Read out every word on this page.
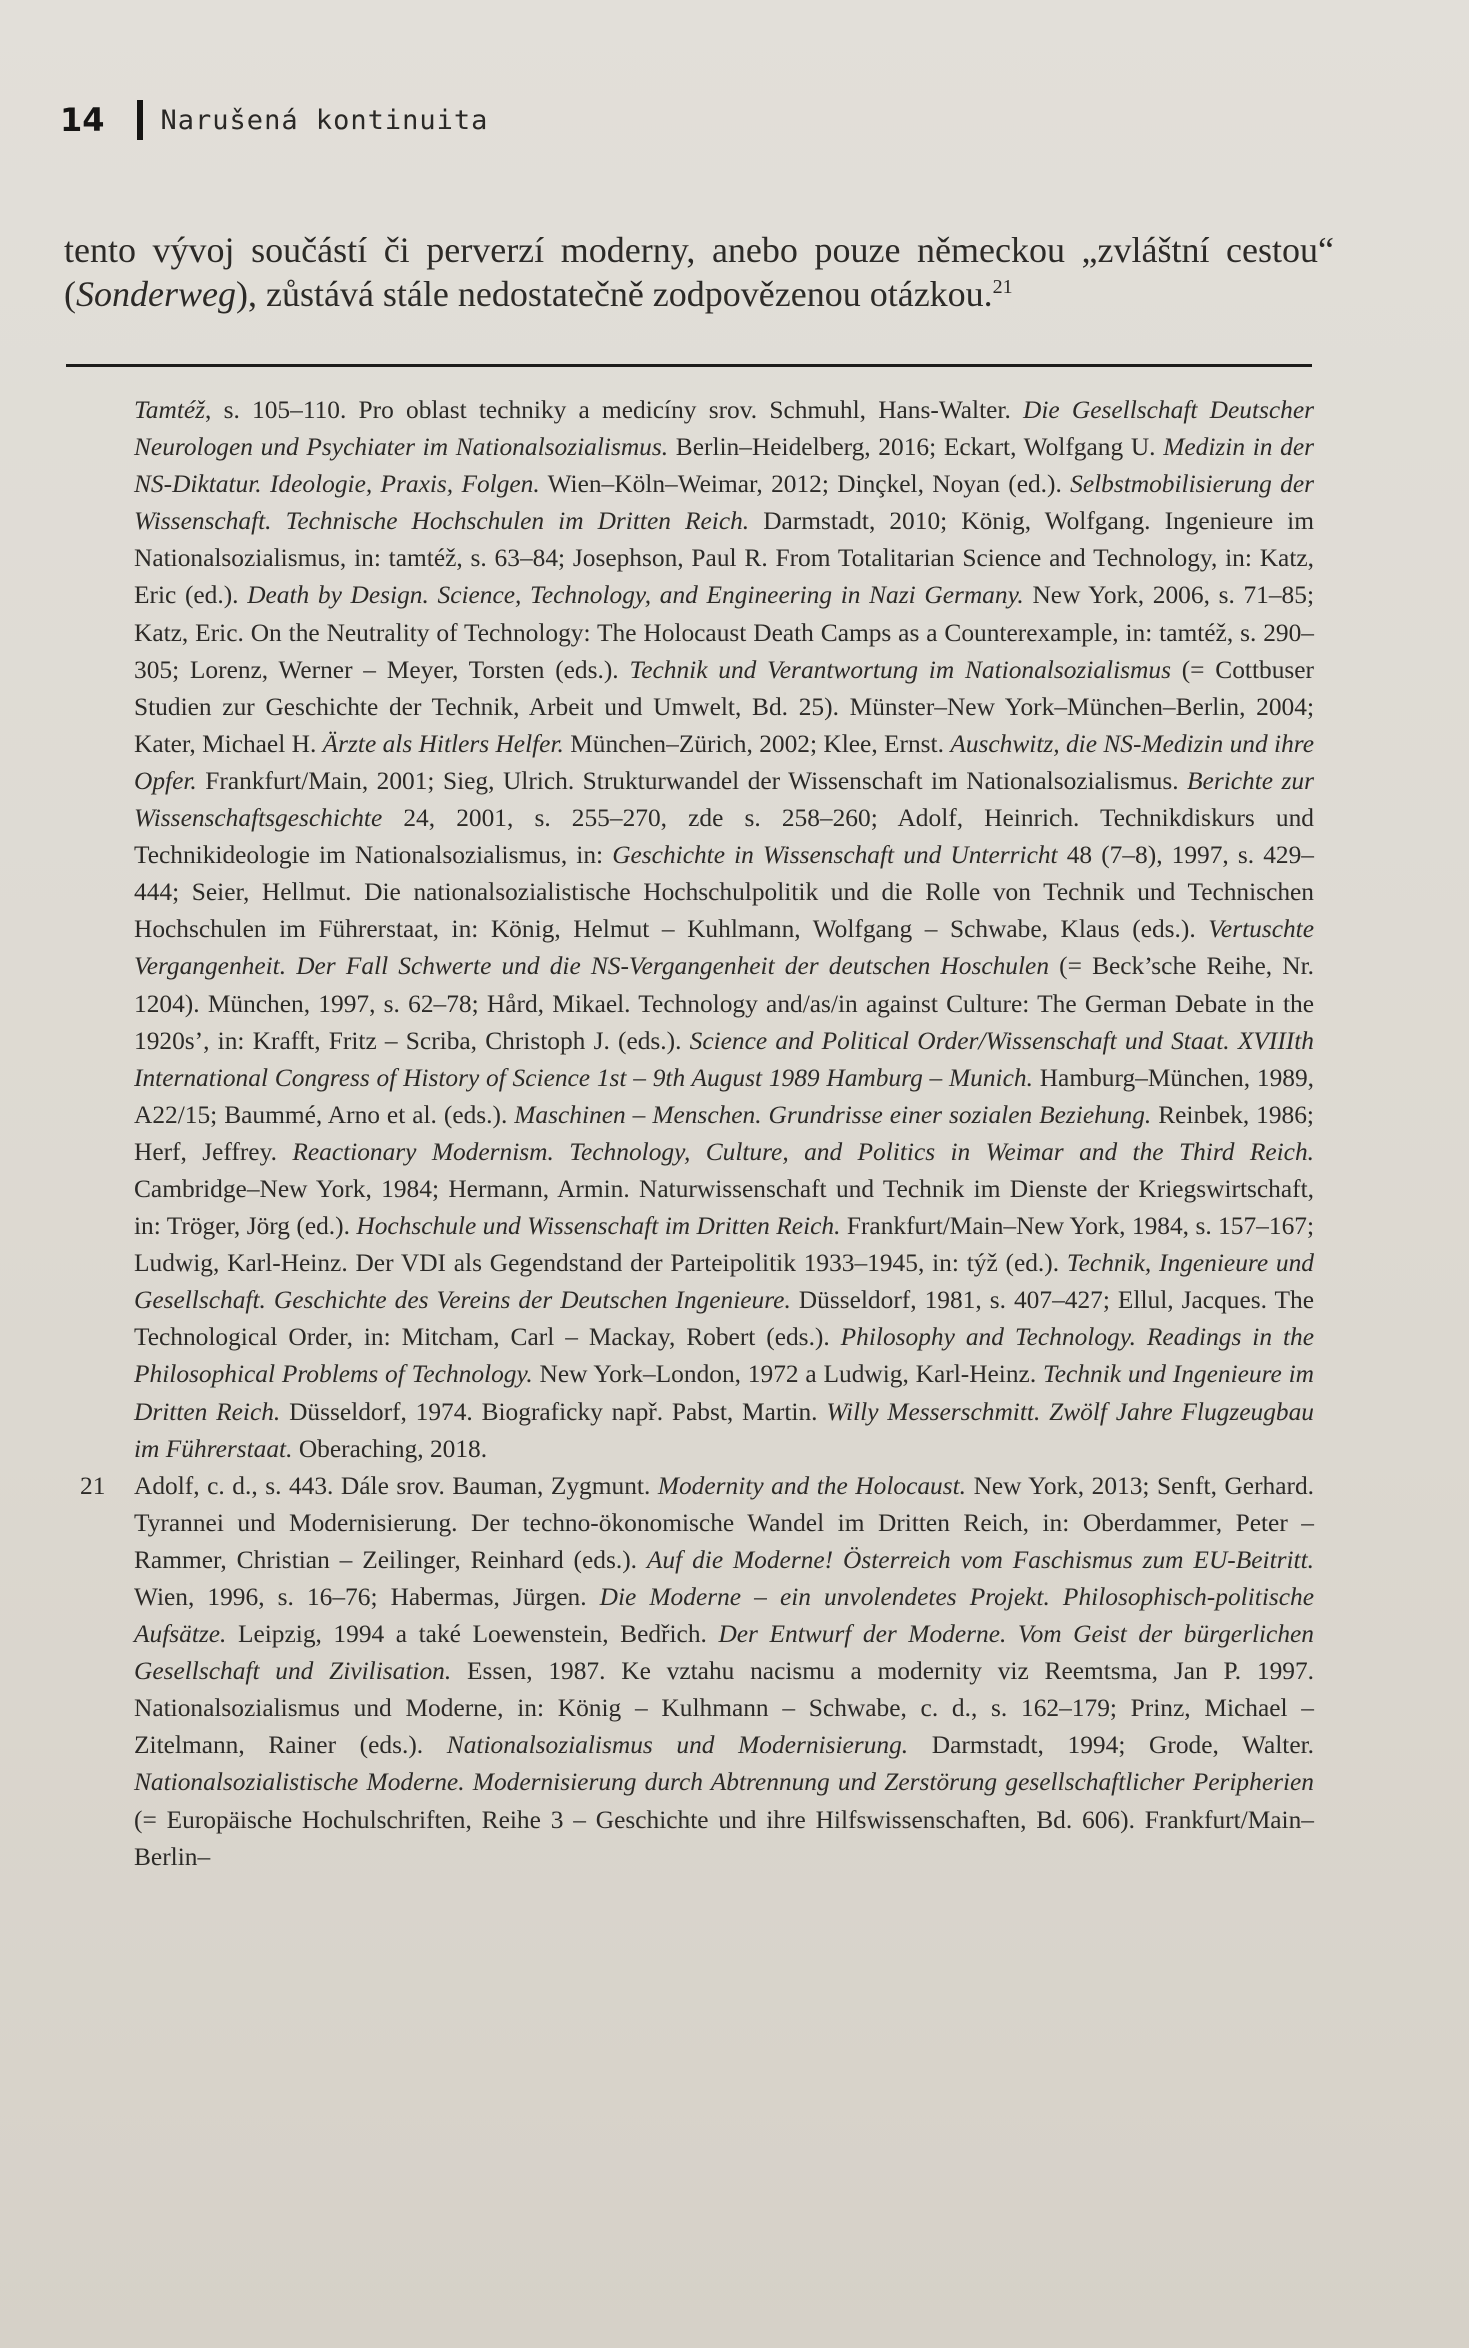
14 Narušená kontinuita

tento vývoj součástí či perverzí moderny, anebo pouze německou „zvláštní cestou“ (Sonderweg), zůstává stále nedostatečně zodpovězenou otázkou.$^{21}$

Tamtéž, s. 105–110. Pro oblast techniky a medicíny srov. Schmuhl, Hans-Walter. Die Gesellschaft Deutscher Neurologen und Psychiater im Nationalsozialismus. Berlin–Heidelberg, 2016; Eckart, Wolfgang U. Medizin in der NS-Diktatur. Ideologie, Praxis, Folgen. Wien–Köln–Weimar, 2012; Dinçkel, Noyan (ed.). Selbstmobilisierung der Wissenschaft. Technische Hochschulen im Dritten Reich. Darmstadt, 2010; König, Wolfgang. Ingenieure im Nationalsozialismus, in: tamtéž, s. 63–84; Josephson, Paul R. From Totalitarian Science and Technology, in: Katz, Eric (ed.). Death by Design. Science, Technology, and Engineering in Nazi Germany. New York, 2006, s. 71–85; Katz, Eric. On the Neutrality of Technology: The Holocaust Death Camps as a Counterexample, in: tamtéž, s. 290–305; Lorenz, Werner – Meyer, Torsten (eds.). Technik und Verantwortung im Nationalsozialismus (= Cottbuser Studien zur Geschichte der Technik, Arbeit und Umwelt, Bd. 25). Münster–New York–München–Berlin, 2004; Kater, Michael H. Ärzte als Hitlers Helfer. München–Zürich, 2002; Klee, Ernst. Auschwitz, die NS-Medizin und ihre Opfer. Frankfurt/Main, 2001; Sieg, Ulrich. Strukturwandel der Wissenschaft im Nationalsozialismus. Berichte zur Wissenschaftsgeschichte 24, 2001, s. 255–270, zde s. 258–260; Adolf, Heinrich. Technikdiskurs und Technikideologie im Nationalsozialismus, in: Geschichte in Wissenschaft und Unterricht 48 (7–8), 1997, s. 429–444; Seier, Hellmut. Die nationalsozialistische Hochschulpolitik und die Rolle von Technik und Technischen Hochschulen im Führerstaat, in: König, Helmut – Kuhlmann, Wolfgang – Schwabe, Klaus (eds.). Vertuschte Vergangenheit. Der Fall Schwerte und die NS-Vergangenheit der deutschen Hoschulen (= Beck’sche Reihe, Nr. 1204). München, 1997, s. 62–78; Hård, Mikael. Technology and/as/in against Culture: The German Debate in the 1920s’, in: Krafft, Fritz – Scriba, Christoph J. (eds.). Science and Political Order/Wissenschaft und Staat. XVIIIth International Congress of History of Science 1st – 9th August 1989 Hamburg – Munich. Hamburg–München, 1989, A22/15; Baummé, Arno et al. (eds.). Maschinen – Menschen. Grundrisse einer sozialen Beziehung. Reinbek, 1986; Herf, Jeffrey. Reactionary Modernism. Technology, Culture, and Politics in Weimar and the Third Reich. Cambridge–New York, 1984; Hermann, Armin. Naturwissenschaft und Technik im Dienste der Kriegswirtschaft, in: Tröger, Jörg (ed.). Hochschule und Wissenschaft im Dritten Reich. Frankfurt/Main–New York, 1984, s. 157–167; Ludwig, Karl-Heinz. Der VDI als Gegendstand der Parteipolitik 1933–1945, in: týž (ed.). Technik, Ingenieure und Gesellschaft. Geschichte des Vereins der Deutschen Ingenieure. Düsseldorf, 1981, s. 407–427; Ellul, Jacques. The Technological Order, in: Mitcham, Carl – Mackay, Robert (eds.). Philosophy and Technology. Readings in the Philosophical Problems of Technology. New York–London, 1972 a Ludwig, Karl-Heinz. Technik und Ingenieure im Dritten Reich. Düsseldorf, 1974. Biograficky např. Pabst, Martin. Willy Messerschmitt. Zwölf Jahre Flugzeugbau im Führerstaat. Oberaching, 2018.

21 Adolf, c. d., s. 443. Dále srov. Bauman, Zygmunt. Modernity and the Holocaust. New York, 2013; Senft, Gerhard. Tyrannei und Modernisierung. Der techno-ökonomische Wandel im Dritten Reich, in: Oberdammer, Peter – Rammer, Christian – Zeilinger, Reinhard (eds.). Auf die Moderne! Österreich vom Faschismus zum EU-Beitritt. Wien, 1996, s. 16–76; Habermas, Jürgen. Die Moderne – ein unvolendetes Projekt. Philosophisch-politische Aufsätze. Leipzig, 1994 a také Loewenstein, Bedřich. Der Entwurf der Moderne. Vom Geist der bürgerlichen Gesellschaft und Zivilisation. Essen, 1987. Ke vztahu nacismu a modernity viz Reemtsma, Jan P. 1997. Nationalsozialismus und Moderne, in: König – Kulhmann – Schwabe, c. d., s. 162–179; Prinz, Michael – Zitelmann, Rainer (eds.). Nationalsozialismus und Modernisierung. Darmstadt, 1994; Grode, Walter. Nationalsozialistische Moderne. Modernisierung durch Abtrennung und Zerstörung gesellschaftlicher Peripherien (= Europäische Hochulschriften, Reihe 3 – Geschichte und ihre Hilfswissenschaften, Bd. 606). Frankfurt/Main–Berlin–
